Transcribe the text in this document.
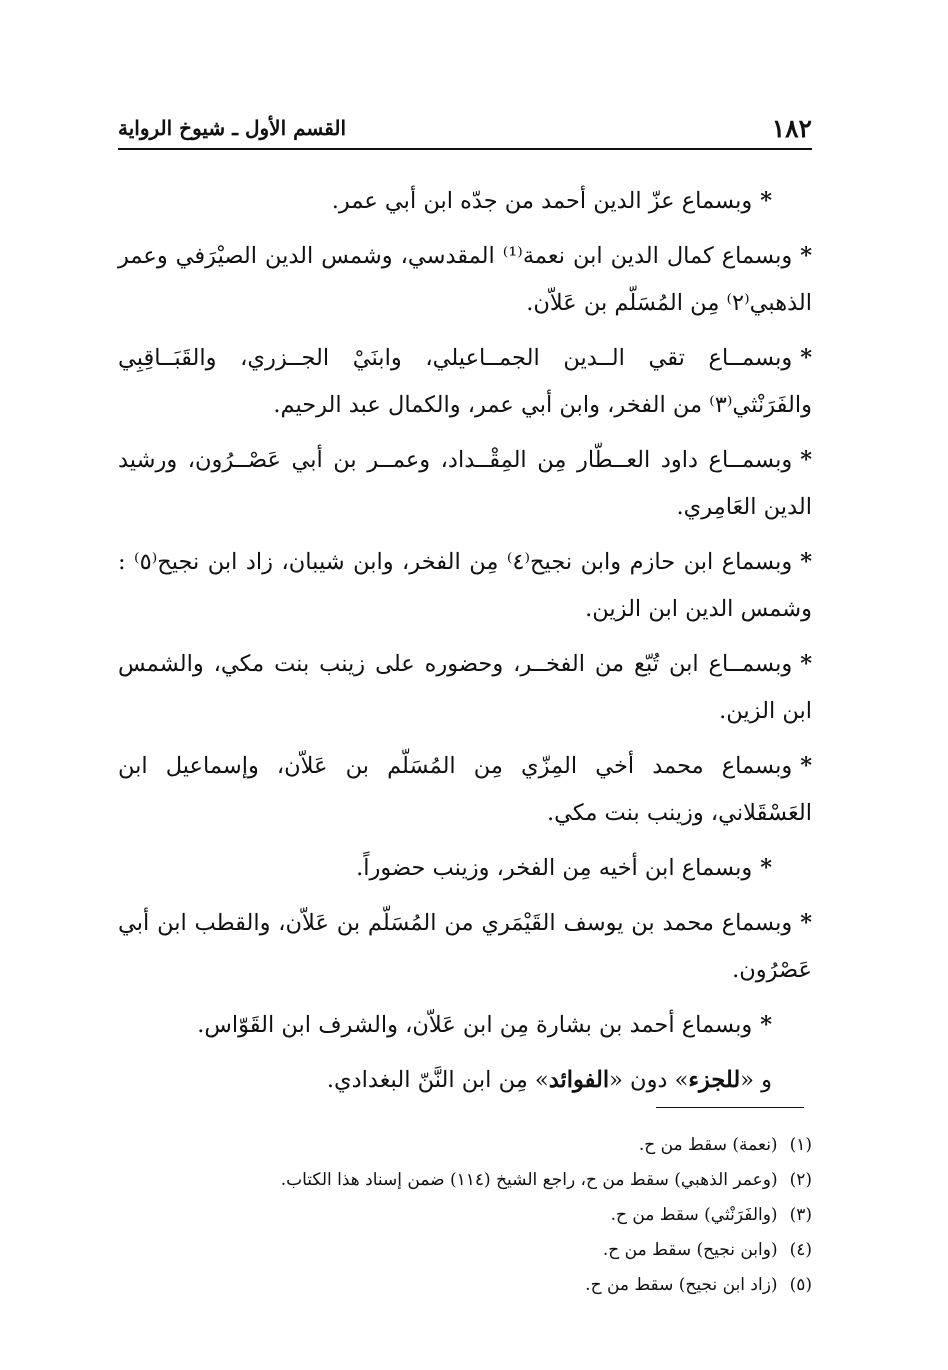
١٨٢
القسم الأول ـ شيوخ الرواية

*وبسماع عزّ الدين أحمد من جدّه ابن أبي عمر.

*وبسماع كمال الدين ابن نعمة⁽¹⁾ المقدسي، وشمس الدين الصيْرَفي وعمر الذهبي⁽٢⁾ مِن المُسَلّم بن عَلاّن.

*وبسمــاع تقي الــدين الجمــاعيلي، وابنَيْ الجــزري، والقَبَــاقِبِي والفَرَنْثي⁽٣⁾ من الفخر، وابن أبي عمر، والكمال عبد الرحيم.

*وبسمــاع داود العــطّار مِن المِقْــداد، وعمــر بن أبي عَصْــرُون، ورشيد الدين العَامِري.

*وبسماع ابن حازم وابن نجيح⁽٤⁾ مِن الفخر، وابن شيبان، زاد ابن نجيح⁽٥⁾ : وشمس الدين ابن الزين.

*وبسمــاع ابن تُبّع من الفخــر، وحضوره على زينب بنت مكي، والشمس ابن الزين.

*وبسماع محمد أخي المِزّي مِن المُسَلّم بن عَلاّن، وإسماعيل ابن العَسْقَلاني، وزينب بنت مكي.

*وبسماع ابن أخيه مِن الفخر، وزينب حضوراً.

*وبسماع محمد بن يوسف القَيْمَري من المُسَلّم بن عَلاّن، والقطب ابن أبي عَصْرُون.

*وبسماع أحمد بن بشارة مِن ابن عَلاّن، والشرف ابن القَوّاس.

و «للجزء» دون «الفوائد» مِن ابن النَّنّ البغدادي.

(١)(نعمة) سقط من ح.
(٢)(وعمر الذهبي) سقط من ح، راجع الشيخ (١١٤) ضمن إسناد هذا الكتاب.
(٣)(والفَرَنْثي) سقط من ح.
(٤)(وابن نجيح) سقط من ح.
(٥)(زاد ابن نجيح) سقط من ح.
